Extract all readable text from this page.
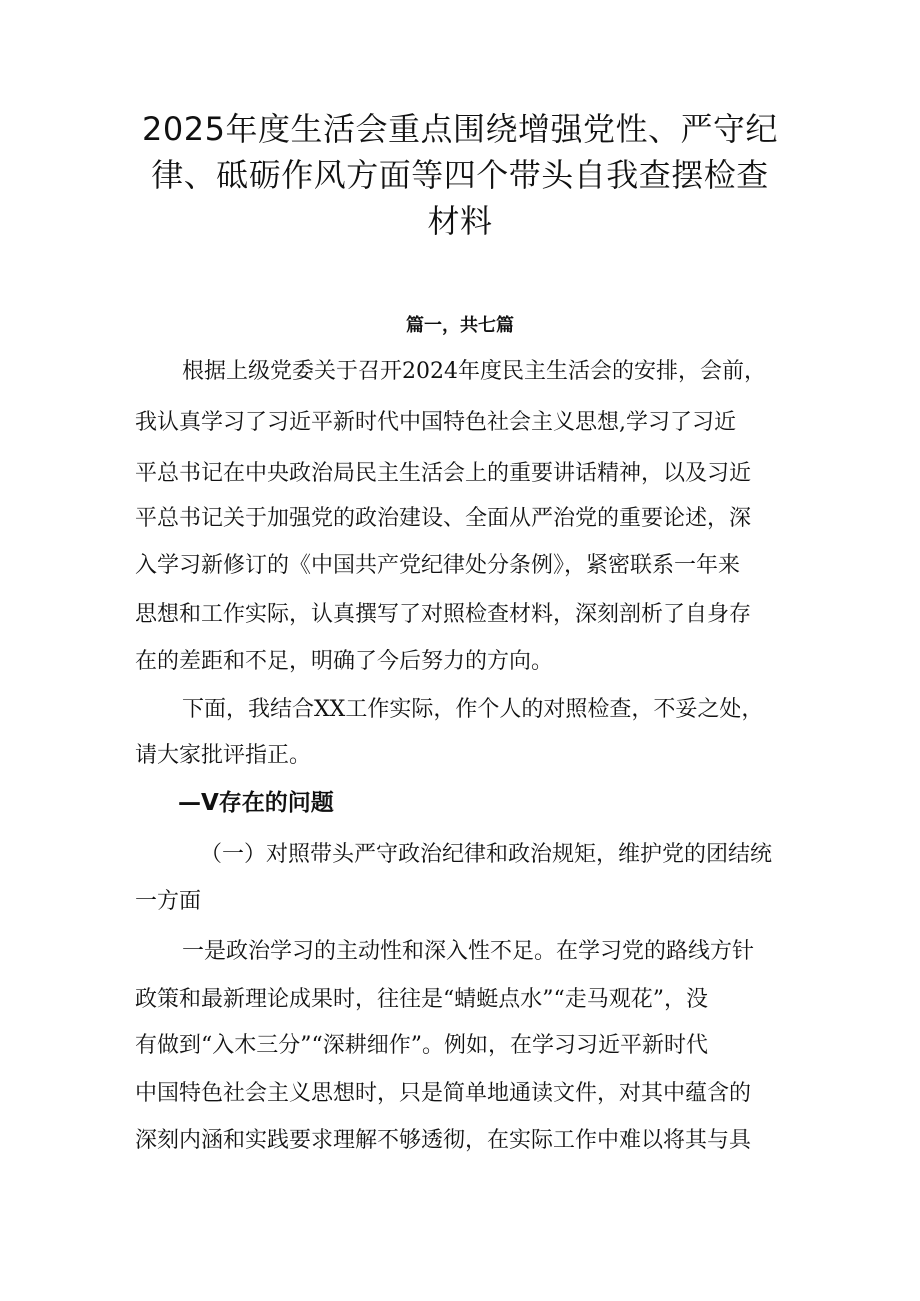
2025年度生活会重点围绕增强党性、严守纪
律、砥砺作风方面等四个带头自我查摆检查
材料
篇一，共七篇
根据上级党委关于召开2024年度民主生活会的安排，会前，
我认真学习了习近平新时代中国特色社会主义思想,学习了习近
平总书记在中央政治局民主生活会上的重要讲话精神，以及习近
平总书记关于加强党的政治建设、全面从严治党的重要论述，深
入学习新修订的《中国共产党纪律处分条例》，紧密联系一年来
思想和工作实际，认真撰写了对照检查材料，深刻剖析了自身存
在的差距和不足，明确了今后努力的方向。
下面，我结合XX工作实际，作个人的对照检查，不妥之处，
请大家批评指正。
—V存在的问题
（一）对照带头严守政治纪律和政治规矩，维护党的团结统
一方面
一是政治学习的主动性和深入性不足。在学习党的路线方针
政策和最新理论成果时，往往是“蜻蜓点水”“走马观花”，没
有做到“入木三分”“深耕细作”。例如，在学习习近平新时代
中国特色社会主义思想时，只是简单地通读文件，对其中蕴含的
深刻内涵和实践要求理解不够透彻，在实际工作中难以将其与具
